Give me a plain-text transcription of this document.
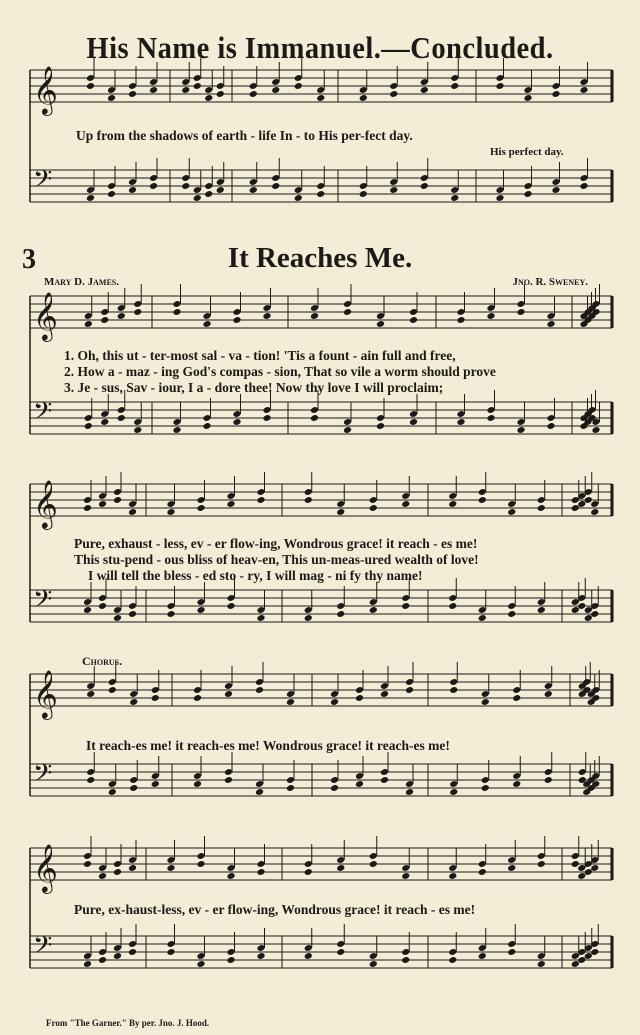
His Name is Immanuel.—Concluded.
𝄞
𝄢
𝄞
𝄢
𝄞
𝄢
𝄞
𝄢
𝄞
𝄢
Up from the shadows of earth - life In - to His per-fect day.
His perfect day.
3	It Reaches Me.
Mary D. James.	Jno. R. Sweney.
1. Oh, this ut - ter-most sal - va - tion! 'Tis a fount - ain full and free,
2. How a - maz - ing God's compas - sion, That so vile a worm should prove
3. Je - sus, Sav - iour, I a - dore thee! Now thy love I will proclaim;
Pure, exhaust - less, ev - er flow-ing, Wondrous grace! it reach - es me!
This stu-pend - ous bliss of heav-en, This un-meas-ured wealth of love!
I will tell the bless - ed sto - ry, I will mag - ni fy thy name!
Chorus.
It reach-es me! it reach-es me! Wondrous grace! it reach-es me!
Pure, ex-haust-less, ev - er flow-ing, Wondrous grace! it reach - es me!
From "The Garner." By per. Jno. J. Hood.
